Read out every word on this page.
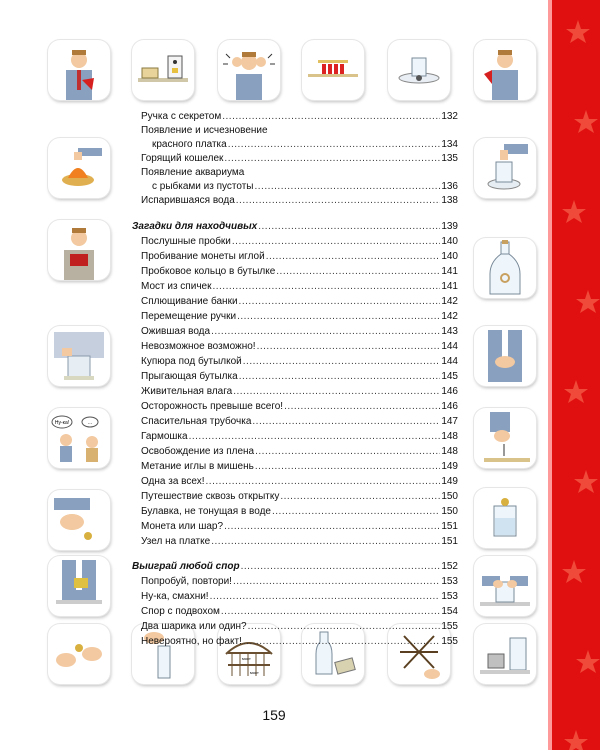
Ну-ка!	...
мост
мост
Ручка с секретом .....	132
Появление и исчезновение
красного платка .....	134
Горящий кошелек .....	135
Появление аквариума
с рыбками из пустоты .....	136
Испарившаяся вода .....	138
Загадки для находчивых .....	139
Послушные пробки .....	140
Пробивание монеты иглой .....	140
Пробковое кольцо в бутылке .....	141
Мост из спичек .....	141
Сплющивание банки .....	142
Перемещение ручки .....	142
Ожившая вода .....	143
Невозможное возможно! .....	144
Купюра под бутылкой .....	144
Прыгающая бутылка .....	145
Живительная влага .....	146
Осторожность превыше всего! .....	146
Спасительная трубочка .....	147
Гармошка .....	148
Освобождение из плена .....	148
Метание иглы в мишень .....	149
Одна за всех! .....	149
Путешествие сквозь открытку .....	150
Булавка, не тонущая в воде .....	150
Монета или шар? .....	151
Узел на платке .....	151
Выиграй любой спор .....	152
Попробуй, повтори! .....	153
Ну-ка, смахни! .....	153
Спор с подвохом .....	154
Два шарика или один? .....	155
Невероятно, но факт! .....	155
159
